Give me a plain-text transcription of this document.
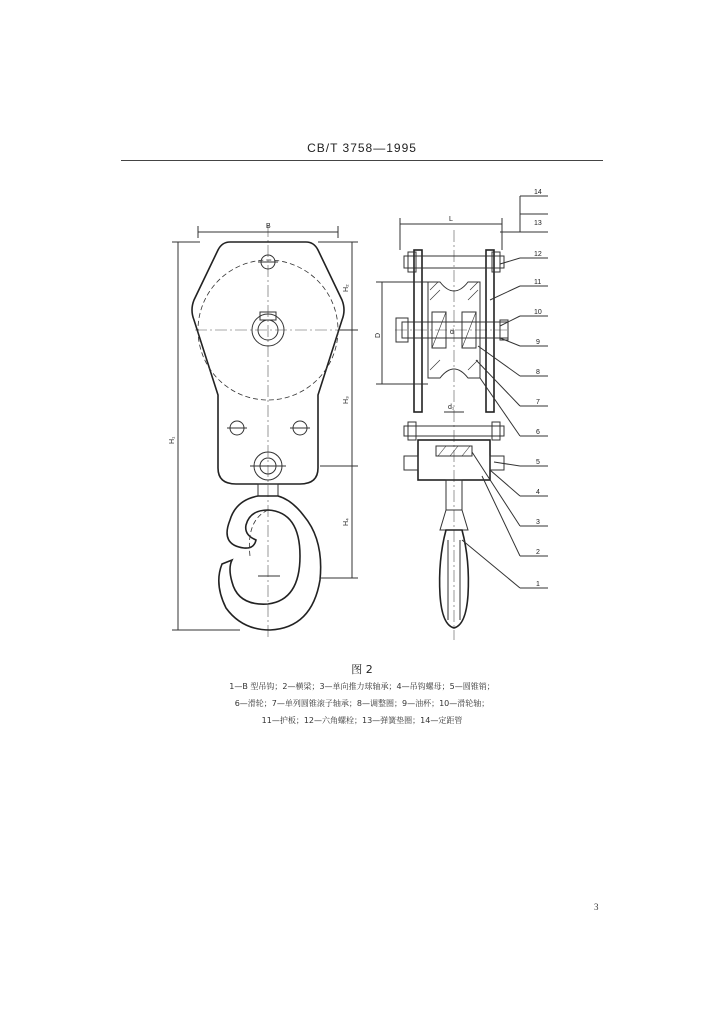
CB/T 3758—1995
B
H₁
H₂
H₃
H₄
L
D	d
d₁
14
13
12
11
10
9
8
7
6
5
4
3
2
1
图 2
1—B 型吊钩；2—横梁；3—单向推力球轴承；4—吊钩螺母；5—圆锥销；
6—滑轮；7—单列圆锥滚子轴承；8—调整圈；9—油杯；10—滑轮轴；
11—护板；12—六角螺栓；13—弹簧垫圈；14—定距管
3
